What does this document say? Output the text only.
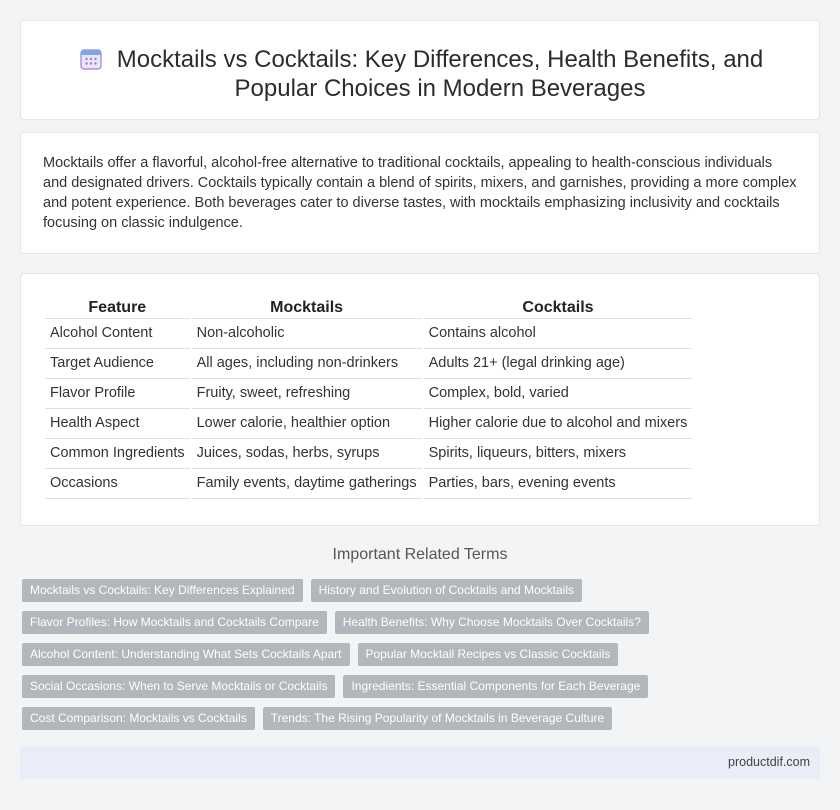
Mocktails vs Cocktails: Key Differences, Health Benefits, and Popular Choices in Modern Beverages

Mocktails offer a flavorful, alcohol-free alternative to traditional cocktails, appealing to health-conscious individuals and designated drivers. Cocktails typically contain a blend of spirits, mixers, and garnishes, providing a more complex and potent experience. Both beverages cater to diverse tastes, with mocktails emphasizing inclusivity and cocktails focusing on classic indulgence.

Feature	Mocktails	Cocktails
Alcohol Content	Non-alcoholic	Contains alcohol
Target Audience	All ages, including non-drinkers	Adults 21+ (legal drinking age)
Flavor Profile	Fruity, sweet, refreshing	Complex, bold, varied
Health Aspect	Lower calorie, healthier option	Higher calorie due to alcohol and mixers
Common Ingredients	Juices, sodas, herbs, syrups	Spirits, liqueurs, bitters, mixers
Occasions	Family events, daytime gatherings	Parties, bars, evening events
Important Related Terms
Mocktails vs Cocktails: Key Differences Explained	History and Evolution of Cocktails and Mocktails
Flavor Profiles: How Mocktails and Cocktails Compare	Health Benefits: Why Choose Mocktails Over Cocktails?
Alcohol Content: Understanding What Sets Cocktails Apart	Popular Mocktail Recipes vs Classic Cocktails
Social Occasions: When to Serve Mocktails or Cocktails	Ingredients: Essential Components for Each Beverage
Cost Comparison: Mocktails vs Cocktails	Trends: The Rising Popularity of Mocktails in Beverage Culture
productdif.com
